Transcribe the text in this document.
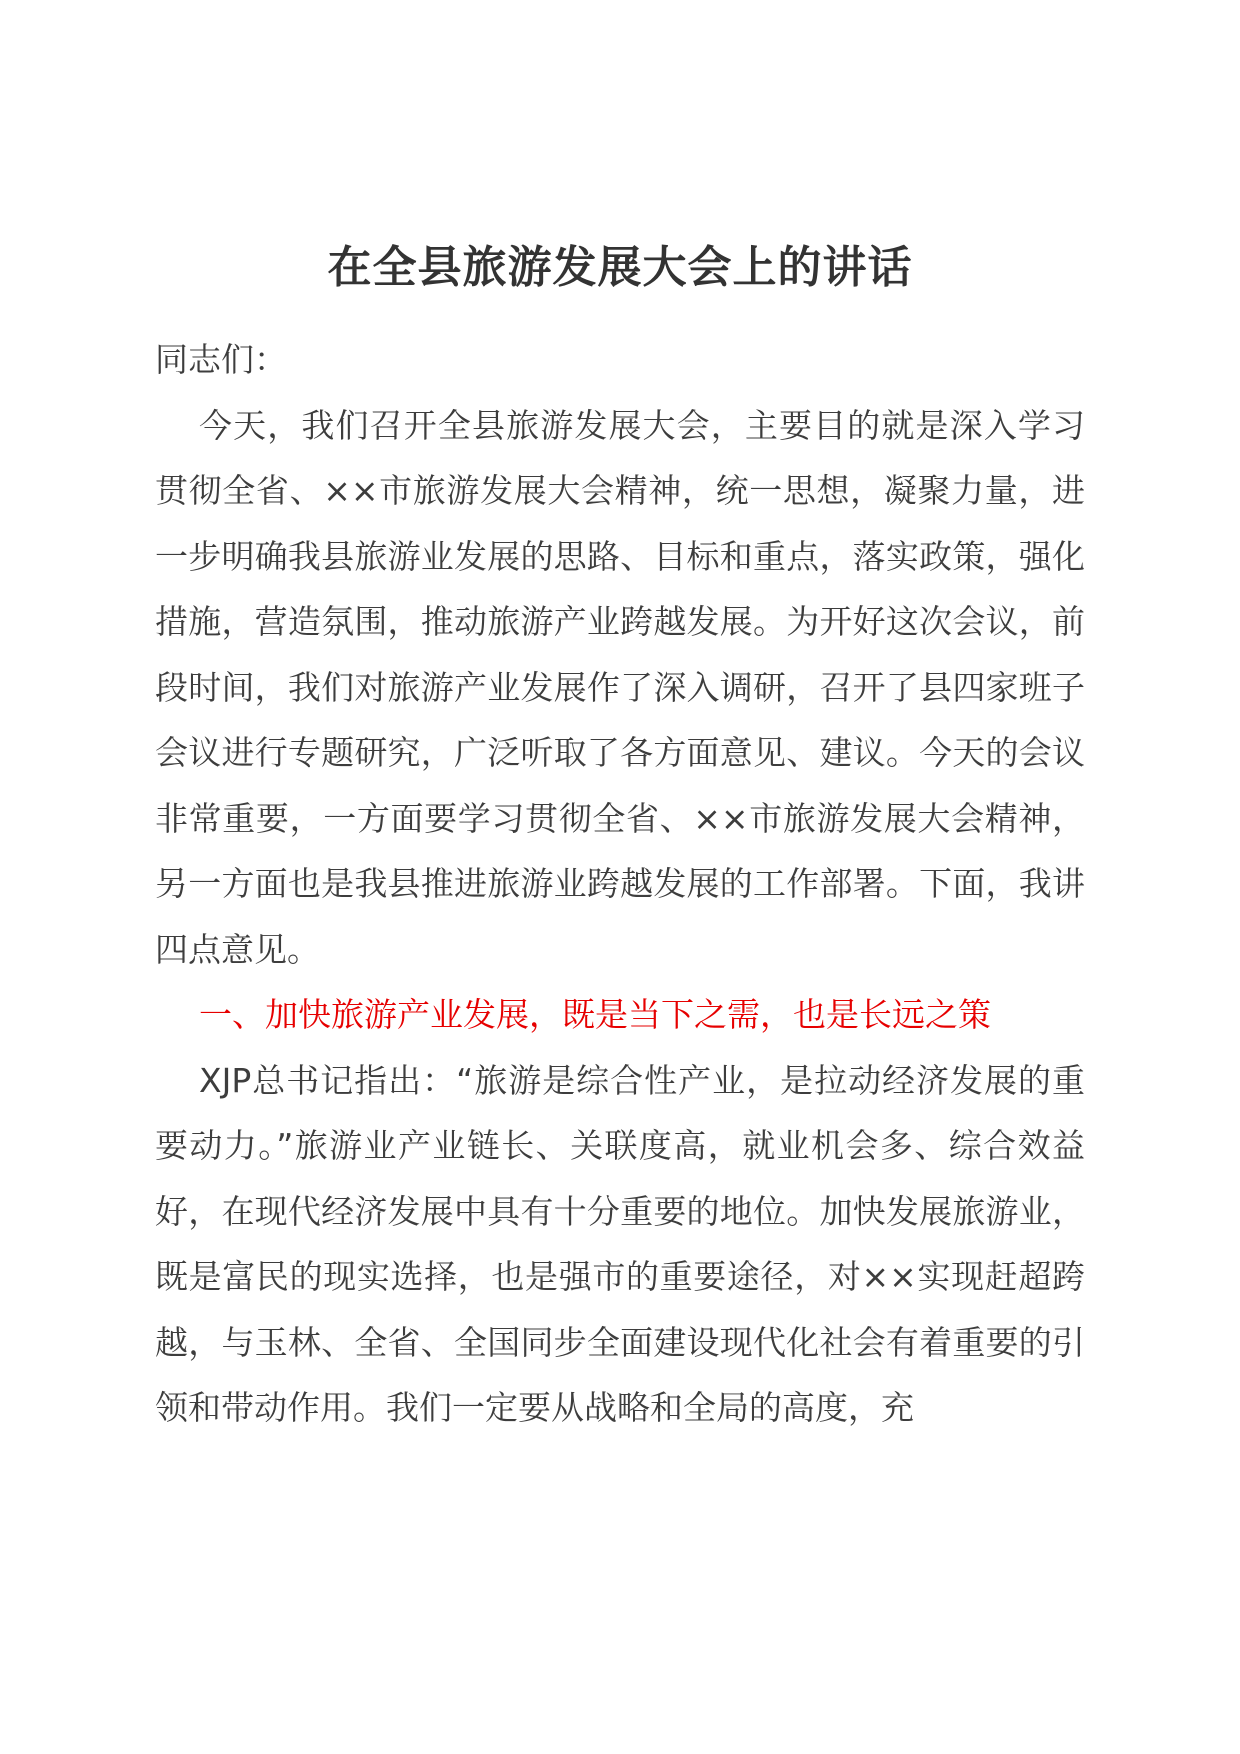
在全县旅游发展大会上的讲话

同志们：

今天，我们召开全县旅游发展大会，主要目的就是深入学习贯彻全省、××市旅游发展大会精神，统一思想，凝聚力量，进一步明确我县旅游业发展的思路、目标和重点，落实政策，强化措施，营造氛围，推动旅游产业跨越发展。为开好这次会议，前段时间，我们对旅游产业发展作了深入调研，召开了县四家班子会议进行专题研究，广泛听取了各方面意见、建议。今天的会议非常重要，一方面要学习贯彻全省、××市旅游发展大会精神，另一方面也是我县推进旅游业跨越发展的工作部署。下面，我讲四点意见。

一、加快旅游产业发展，既是当下之需，也是长远之策

XJP总书记指出：“旅游是综合性产业，是拉动经济发展的重要动力。”旅游业产业链长、关联度高，就业机会多、综合效益好，在现代经济发展中具有十分重要的地位。加快发展旅游业，既是富民的现实选择，也是强市的重要途径，对××实现赶超跨越，与玉林、全省、全国同步全面建设现代化社会有着重要的引领和带动作用。我们一定要从战略和全局的高度，充
